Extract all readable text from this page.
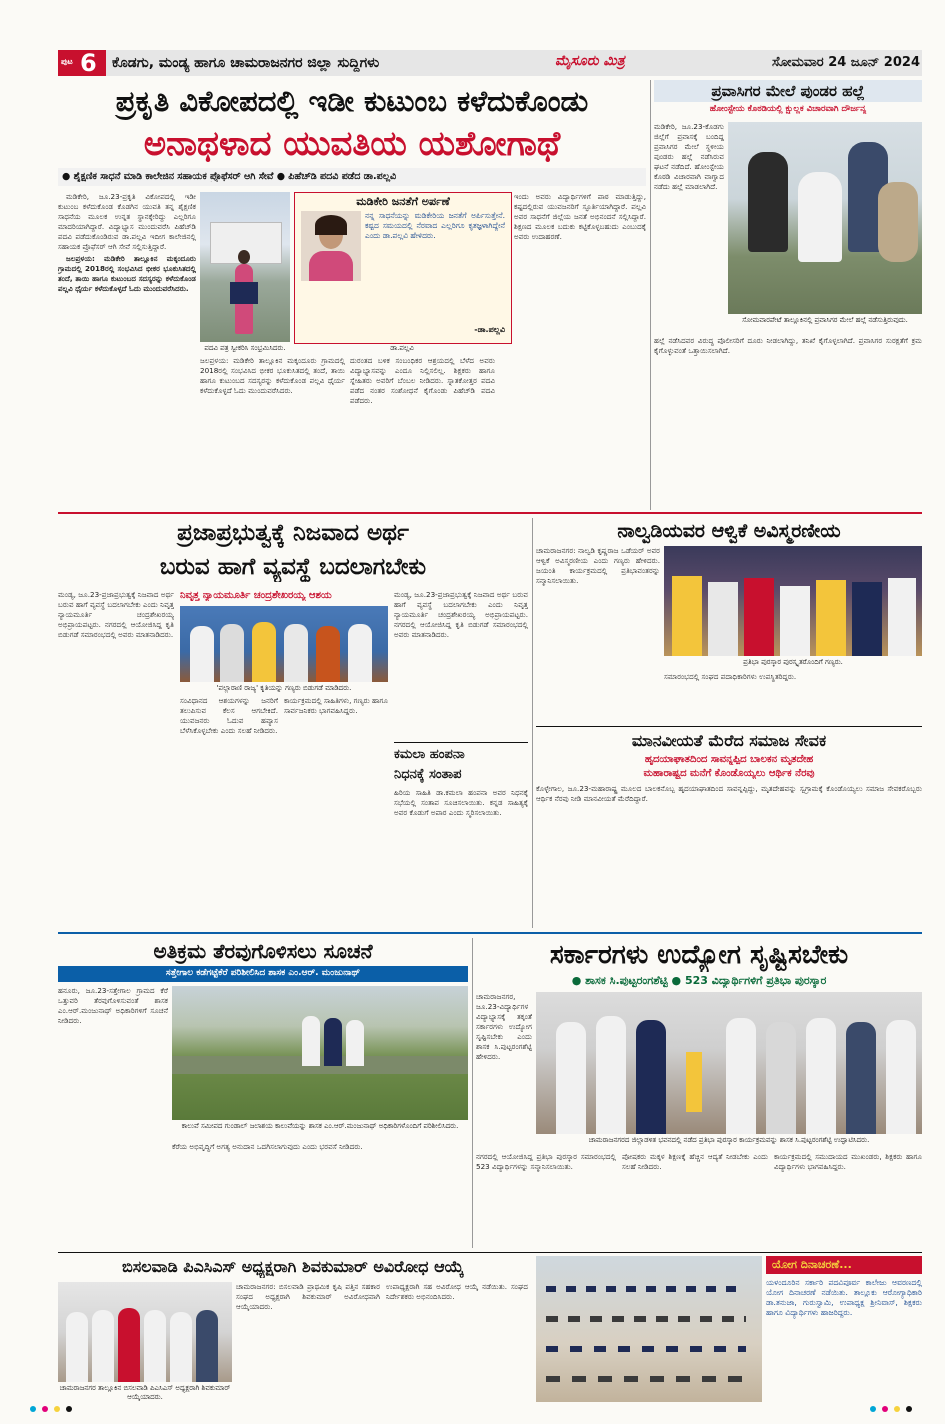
ಪುಟ 6 ಕೊಡಗು, ಮಂಡ್ಯ ಹಾಗೂ ಚಾಮರಾಜನಗರ ಜಿಲ್ಲಾ ಸುದ್ದಿಗಳು	ಮೈಸೂರು ಮಿತ್ರ	ಸೋಮವಾರ 24 ಜೂನ್ 2024
ಪ್ರಕೃತಿ ವಿಕೋಪದಲ್ಲಿ ಇಡೀ ಕುಟುಂಬ ಕಳೆದುಕೊಂಡು
ಅನಾಥಳಾದ ಯುವತಿಯ ಯಶೋಗಾಥೆ
● ಶೈಕ್ಷಣಿಕ ಸಾಧನೆ ಮಾಡಿ ಕಾಲೇಜಿನ ಸಹಾಯಕ ಪ್ರೊಫೆಸರ್ ಆಗಿ ಸೇವೆ ● ಪಿಹೆಚ್‍ಡಿ ಪದವಿ ಪಡೆದ ಡಾ.ಪಲ್ಲವಿ

ಮಡಿಕೇರಿ, ಜೂ.23-ಪ್ರಕೃತಿ ವಿಕೋಪದಲ್ಲಿ ಇಡೀ ಕುಟುಂಬ ಕಳೆದುಕೊಂಡ ಕೊಡಗಿನ ಯುವತಿ ತನ್ನ ಶೈಕ್ಷಣಿಕ ಸಾಧನೆಯ ಮೂಲಕ ಉನ್ನತ ಸ್ಥಾನಕ್ಕೇರಿದ್ದು ಎಲ್ಲರಿಗೂ ಮಾದರಿಯಾಗಿದ್ದಾರೆ. ವಿದ್ಯಾಭ್ಯಾಸ ಮುಂದುವರೆಸಿ ಪಿಹೆಚ್‍ಡಿ ಪದವಿ ಪಡೆದುಕೊಂಡಿರುವ ಡಾ.ಪಲ್ಲವಿ ಇದೀಗ ಕಾಲೇಜಿನಲ್ಲಿ ಸಹಾಯಕ ಪ್ರೊಫೆಸರ್ ಆಗಿ ಸೇವೆ ಸಲ್ಲಿಸುತ್ತಿದ್ದಾರೆ.

ಜಲಪ್ರಳಯ: ಮಡಿಕೇರಿ ತಾಲ್ಲೂಕಿನ ಮಕ್ಕಂದೂರು ಗ್ರಾಮದಲ್ಲಿ 2018ರಲ್ಲಿ ಸಂಭವಿಸಿದ ಭೀಕರ ಭೂಕುಸಿತದಲ್ಲಿ ತಂದೆ, ತಾಯಿ ಹಾಗೂ ಕುಟುಂಬದ ಸದಸ್ಯರನ್ನು ಕಳೆದುಕೊಂಡ ಪಲ್ಲವಿ ಧೈರ್ಯ ಕಳೆದುಕೊಳ್ಳದೆ ಓದು ಮುಂದುವರೆಸಿದರು.

ಪದವಿ ಪತ್ರ ಸ್ವೀಕರಿಸಿ ಸಂಭ್ರಮಿಸಿದರು.
ಮಡಿಕೇರಿ ಜನತೆಗೆ ಅರ್ಪಣೆ
ನನ್ನ ಸಾಧನೆಯನ್ನು ಮಡಿಕೇರಿಯ ಜನತೆಗೆ ಅರ್ಪಿಸುತ್ತೇನೆ. ಕಷ್ಟದ ಸಮಯದಲ್ಲಿ ನೆರವಾದ ಎಲ್ಲರಿಗೂ ಕೃತಜ್ಞಳಾಗಿದ್ದೇನೆ ಎಂದು ಡಾ.ಪಲ್ಲವಿ ಹೇಳಿದರು.
-ಡಾ.ಪಲ್ಲವಿ
ಡಾ.ಪಲ್ಲವಿ
ಜಲಪ್ರಳಯ: ಮಡಿಕೇರಿ ತಾಲ್ಲೂಕಿನ ಮಕ್ಕಂದೂರು ಗ್ರಾಮದಲ್ಲಿ 2018ರಲ್ಲಿ ಸಂಭವಿಸಿದ ಭೀಕರ ಭೂಕುಸಿತದಲ್ಲಿ ತಂದೆ, ತಾಯಿ ಹಾಗೂ ಕುಟುಂಬದ ಸದಸ್ಯರನ್ನು ಕಳೆದುಕೊಂಡ ಪಲ್ಲವಿ ಧೈರ್ಯ ಕಳೆದುಕೊಳ್ಳದೆ ಓದು ಮುಂದುವರೆಸಿದರು.
ದುರಂತದ ಬಳಿಕ ಸಂಬಂಧಿಕರ ಆಶ್ರಯದಲ್ಲಿ ಬೆಳೆದ ಅವರು ವಿದ್ಯಾಭ್ಯಾಸವನ್ನು ಎಂದೂ ನಿಲ್ಲಿಸಲಿಲ್ಲ. ಶಿಕ್ಷಕರು ಹಾಗೂ ಸ್ನೇಹಿತರು ಅವರಿಗೆ ಬೆಂಬಲ ನೀಡಿದರು. ಸ್ನಾತಕೋತ್ತರ ಪದವಿ ಪಡೆದ ನಂತರ ಸಂಶೋಧನೆ ಕೈಗೊಂಡು ಪಿಹೆಚ್‍ಡಿ ಪದವಿ ಪಡೆದರು.
ಇಂದು ಅವರು ವಿದ್ಯಾರ್ಥಿಗಳಿಗೆ ಪಾಠ ಮಾಡುತ್ತಿದ್ದು, ಕಷ್ಟದಲ್ಲಿರುವ ಯುವಜನರಿಗೆ ಸ್ಫೂರ್ತಿಯಾಗಿದ್ದಾರೆ. ಪಲ್ಲವಿ ಅವರ ಸಾಧನೆಗೆ ಜಿಲ್ಲೆಯ ಜನತೆ ಅಭಿನಂದನೆ ಸಲ್ಲಿಸಿದ್ದಾರೆ. ಶಿಕ್ಷಣದ ಮೂಲಕ ಬದುಕು ಕಟ್ಟಿಕೊಳ್ಳಬಹುದು ಎಂಬುದಕ್ಕೆ ಅವರು ಉದಾಹರಣೆ.
ಪ್ರವಾಸಿಗರ ಮೇಲೆ ಪುಂಡರ ಹಲ್ಲೆ
ಹೋಂಸ್ಟೇಯ ಕೊಠಡಿಯಲ್ಲಿ ಕ್ಷುಲ್ಲಕ ವಿಚಾರವಾಗಿ ದೌರ್ಜನ್ಯ
ಮಡಿಕೇರಿ, ಜೂ.23-ಕೊಡಗು ಜಿಲ್ಲೆಗೆ ಪ್ರವಾಸಕ್ಕೆ ಬಂದಿದ್ದ ಪ್ರವಾಸಿಗರ ಮೇಲೆ ಸ್ಥಳೀಯ ಪುಂಡರು ಹಲ್ಲೆ ನಡೆಸಿರುವ ಘಟನೆ ನಡೆದಿದೆ. ಹೋಂಸ್ಟೇಯ ಕೊಠಡಿ ವಿಚಾರವಾಗಿ ವಾಗ್ವಾದ ನಡೆದು ಹಲ್ಲೆ ಮಾಡಲಾಗಿದೆ.
ಸೋಮವಾರಪೇಟೆ ತಾಲ್ಲೂಕಿನಲ್ಲಿ ಪ್ರವಾಸಿಗರ ಮೇಲೆ ಹಲ್ಲೆ ನಡೆಸುತ್ತಿರುವುದು.
ಹಲ್ಲೆ ನಡೆಸಿದವರ ವಿರುದ್ಧ ಪೊಲೀಸರಿಗೆ ದೂರು ನೀಡಲಾಗಿದ್ದು, ತನಿಖೆ ಕೈಗೊಳ್ಳಲಾಗಿದೆ. ಪ್ರವಾಸಿಗರ ಸುರಕ್ಷತೆಗೆ ಕ್ರಮ ಕೈಗೊಳ್ಳುವಂತೆ ಒತ್ತಾಯಿಸಲಾಗಿದೆ.
ಪ್ರಜಾಪ್ರಭುತ್ವಕ್ಕೆ ನಿಜವಾದ ಅರ್ಥ
ಬರುವ ಹಾಗೆ ವ್ಯವಸ್ಥೆ ಬದಲಾಗಬೇಕು
ನಿವೃತ್ತ ನ್ಯಾಯಮೂರ್ತಿ ಚಂದ್ರಶೇಖರಯ್ಯ ಆಶಯ
ಮಂಡ್ಯ, ಜೂ.23-ಪ್ರಜಾಪ್ರಭುತ್ವಕ್ಕೆ ನಿಜವಾದ ಅರ್ಥ ಬರುವ ಹಾಗೆ ವ್ಯವಸ್ಥೆ ಬದಲಾಗಬೇಕು ಎಂದು ನಿವೃತ್ತ ನ್ಯಾಯಮೂರ್ತಿ ಚಂದ್ರಶೇಖರಯ್ಯ ಅಭಿಪ್ರಾಯಪಟ್ಟರು. ನಗರದಲ್ಲಿ ಆಯೋಜಿಸಿದ್ದ ಕೃತಿ ಬಿಡುಗಡೆ ಸಮಾರಂಭದಲ್ಲಿ ಅವರು ಮಾತನಾಡಿದರು.
'ಪಲ್ಲಾರಾಣಿ ರಾಜ್ಯ' ಕೃತಿಯನ್ನು ಗಣ್ಯರು ಬಿಡುಗಡೆ ಮಾಡಿದರು.
ಸಂವಿಧಾನದ ಆಶಯಗಳನ್ನು ಜನರಿಗೆ ತಲುಪಿಸುವ ಕೆಲಸ ಆಗಬೇಕಿದೆ. ಯುವಜನರು ಓದುವ ಹವ್ಯಾಸ ಬೆಳೆಸಿಕೊಳ್ಳಬೇಕು ಎಂದು ಸಲಹೆ ನೀಡಿದರು.
ಕಾರ್ಯಕ್ರಮದಲ್ಲಿ ಸಾಹಿತಿಗಳು, ಗಣ್ಯರು ಹಾಗೂ ಸಾರ್ವಜನಿಕರು ಭಾಗವಹಿಸಿದ್ದರು.
ಮಂಡ್ಯ, ಜೂ.23-ಪ್ರಜಾಪ್ರಭುತ್ವಕ್ಕೆ ನಿಜವಾದ ಅರ್ಥ ಬರುವ ಹಾಗೆ ವ್ಯವಸ್ಥೆ ಬದಲಾಗಬೇಕು ಎಂದು ನಿವೃತ್ತ ನ್ಯಾಯಮೂರ್ತಿ ಚಂದ್ರಶೇಖರಯ್ಯ ಅಭಿಪ್ರಾಯಪಟ್ಟರು. ನಗರದಲ್ಲಿ ಆಯೋಜಿಸಿದ್ದ ಕೃತಿ ಬಿಡುಗಡೆ ಸಮಾರಂಭದಲ್ಲಿ ಅವರು ಮಾತನಾಡಿದರು.
ಕಮಲಾ ಹಂಪನಾ
ನಿಧನಕ್ಕೆ ಸಂತಾಪ
ಹಿರಿಯ ಸಾಹಿತಿ ಡಾ.ಕಮಲಾ ಹಂಪನಾ ಅವರ ನಿಧನಕ್ಕೆ ಸಭೆಯಲ್ಲಿ ಸಂತಾಪ ಸೂಚಿಸಲಾಯಿತು. ಕನ್ನಡ ಸಾಹಿತ್ಯಕ್ಕೆ ಅವರ ಕೊಡುಗೆ ಅಪಾರ ಎಂದು ಸ್ಮರಿಸಲಾಯಿತು.
ನಾಲ್ವಡಿಯವರ ಆಳ್ವಿಕೆ ಅವಿಸ್ಮರಣೀಯ
ಚಾಮರಾಜನಗರ: ನಾಲ್ವಡಿ ಕೃಷ್ಣರಾಜ ಒಡೆಯರ್ ಅವರ ಆಳ್ವಿಕೆ ಅವಿಸ್ಮರಣೀಯ ಎಂದು ಗಣ್ಯರು ಹೇಳಿದರು. ಜಯಂತಿ ಕಾರ್ಯಕ್ರಮದಲ್ಲಿ ಪ್ರತಿಭಾವಂತರನ್ನು ಸನ್ಮಾನಿಸಲಾಯಿತು.
ಪ್ರತಿಭಾ ಪುರಸ್ಕಾರ ಪುರಸ್ಕೃತರೊಂದಿಗೆ ಗಣ್ಯರು.
ಸಮಾರಂಭದಲ್ಲಿ ಸಂಘದ ಪದಾಧಿಕಾರಿಗಳು ಉಪಸ್ಥಿತರಿದ್ದರು.
ಮಾನವೀಯತೆ ಮೆರೆದ ಸಮಾಜ ಸೇವಕ
ಹೃದಯಾಘಾತದಿಂದ ಸಾವನ್ನಪ್ಪಿದ ಬಾಲಕನ ಮೃತದೇಹ
ಮಹಾರಾಷ್ಟ್ರದ ಮನೆಗೆ ಕೊಂಡೊಯ್ಯಲು ಆರ್ಥಿಕ ನೆರವು
ಕೊಳ್ಳೇಗಾಲ, ಜೂ.23-ಮಹಾರಾಷ್ಟ್ರ ಮೂಲದ ಬಾಲಕನೊಬ್ಬ ಹೃದಯಾಘಾತದಿಂದ ಸಾವನ್ನಪ್ಪಿದ್ದು, ಮೃತದೇಹವನ್ನು ಸ್ವಗ್ರಾಮಕ್ಕೆ ಕೊಂಡೊಯ್ಯಲು ಸಮಾಜ ಸೇವಕರೊಬ್ಬರು ಆರ್ಥಿಕ ನೆರವು ನೀಡಿ ಮಾನವೀಯತೆ ಮೆರೆದಿದ್ದಾರೆ.
ಅತಿಕ್ರಮ ತೆರವುಗೊಳಿಸಲು ಸೂಚನೆ
ಸತ್ತೇಗಾಲ ಕಡೆಗಟ್ಟೆಕೆರೆ ಪರಿಶೀಲಿಸಿದ ಶಾಸಕ ಎಂ.ಆರ್. ಮಂಜುನಾಥ್
ಹನೂರು, ಜೂ.23-ಸತ್ತೇಗಾಲ ಗ್ರಾಮದ ಕೆರೆ ಒತ್ತುವರಿ ತೆರವುಗೊಳಿಸುವಂತೆ ಶಾಸಕ ಎಂ.ಆರ್.ಮಂಜುನಾಥ್ ಅಧಿಕಾರಿಗಳಿಗೆ ಸೂಚನೆ ನೀಡಿದರು.
ಕಾಲುವೆ ಸಮೀಪದ ಗುಂಡಾಲ್ ಜಲಾಶಯ ಕಾಲುವೆಯನ್ನು ಶಾಸಕ ಎಂ.ಆರ್.ಮಂಜುನಾಥ್ ಅಧಿಕಾರಿಗಳೊಂದಿಗೆ ಪರಿಶೀಲಿಸಿದರು.
ಕೆರೆಯ ಅಭಿವೃದ್ಧಿಗೆ ಅಗತ್ಯ ಅನುದಾನ ಒದಗಿಸಲಾಗುವುದು ಎಂದು ಭರವಸೆ ನೀಡಿದರು.
ಸರ್ಕಾರಗಳು ಉದ್ಯೋಗ ಸೃಷ್ಟಿಸಬೇಕು
● ಶಾಸಕ ಸಿ.ಪುಟ್ಟರಂಗಶೆಟ್ಟಿ ● 523 ವಿದ್ಯಾರ್ಥಿಗಳಿಗೆ ಪ್ರತಿಭಾ ಪುರಸ್ಕಾರ
ಚಾಮರಾಜನಗರ, ಜೂ.23-ವಿದ್ಯಾರ್ಥಿಗಳ ವಿದ್ಯಾಭ್ಯಾಸಕ್ಕೆ ತಕ್ಕಂತೆ ಸರ್ಕಾರಗಳು ಉದ್ಯೋಗ ಸೃಷ್ಟಿಸಬೇಕು ಎಂದು ಶಾಸಕ ಸಿ.ಪುಟ್ಟರಂಗಶೆಟ್ಟಿ ಹೇಳಿದರು.
ಚಾಮರಾಜನಗರದ ಜಿಲ್ಲಾಡಳಿತ ಭವನದಲ್ಲಿ ನಡೆದ ಪ್ರತಿಭಾ ಪುರಸ್ಕಾರ ಕಾರ್ಯಕ್ರಮವನ್ನು ಶಾಸಕ ಸಿ.ಪುಟ್ಟರಂಗಶೆಟ್ಟಿ ಉದ್ಘಾಟಿಸಿದರು.
ನಗರದಲ್ಲಿ ಆಯೋಜಿಸಿದ್ದ ಪ್ರತಿಭಾ ಪುರಸ್ಕಾರ ಸಮಾರಂಭದಲ್ಲಿ 523 ವಿದ್ಯಾರ್ಥಿಗಳನ್ನು ಸನ್ಮಾನಿಸಲಾಯಿತು.
ಪೋಷಕರು ಮಕ್ಕಳ ಶಿಕ್ಷಣಕ್ಕೆ ಹೆಚ್ಚಿನ ಆದ್ಯತೆ ನೀಡಬೇಕು ಎಂದು ಸಲಹೆ ನೀಡಿದರು.
ಕಾರ್ಯಕ್ರಮದಲ್ಲಿ ಸಮುದಾಯದ ಮುಖಂಡರು, ಶಿಕ್ಷಕರು ಹಾಗೂ ವಿದ್ಯಾರ್ಥಿಗಳು ಭಾಗವಹಿಸಿದ್ದರು.
ಬಿಸಲವಾಡಿ ಪಿಎಸಿಎಸ್ ಅಧ್ಯಕ್ಷರಾಗಿ ಶಿವಕುಮಾರ್ ಅವಿರೋಧ ಆಯ್ಕೆ
ಚಾಮರಾಜನಗರ ತಾಲ್ಲೂಕಿನ ಬಿಸಲವಾಡಿ ಪಿಎಸಿಎಸ್ ಅಧ್ಯಕ್ಷರಾಗಿ ಶಿವಕುಮಾರ್ ಆಯ್ಕೆಯಾದರು.
ಚಾಮರಾಜನಗರ: ಬಿಸಲವಾಡಿ ಪ್ರಾಥಮಿಕ ಕೃಷಿ ಪತ್ತಿನ ಸಹಕಾರ ಸಂಘದ ಅಧ್ಯಕ್ಷರಾಗಿ ಶಿವಕುಮಾರ್ ಅವಿರೋಧವಾಗಿ ಆಯ್ಕೆಯಾದರು.
ಉಪಾಧ್ಯಕ್ಷರಾಗಿ ಸಹ ಅವಿರೋಧ ಆಯ್ಕೆ ನಡೆಯಿತು. ಸಂಘದ ನಿರ್ದೇಶಕರು ಅಭಿನಂದಿಸಿದರು.
ಯೋಗ ದಿನಾಚರಣೆ...
ಯಳಂದೂರಿನ ಸರ್ಕಾರಿ ಪದವಿಪೂರ್ವ ಕಾಲೇಜು ಆವರಣದಲ್ಲಿ ಯೋಗ ದಿನಾಚರಣೆ ನಡೆಯಿತು. ತಾಲ್ಲೂಕು ಆರೋಗ್ಯಾಧಿಕಾರಿ ಡಾ.ತನುಜಾ, ಗುರುಸ್ವಾಮಿ, ಉಪಾಧ್ಯಕ್ಷ ಶ್ರೀನಿವಾಸ್, ಶಿಕ್ಷಕರು ಹಾಗೂ ವಿದ್ಯಾರ್ಥಿಗಳು ಹಾಜರಿದ್ದರು.
